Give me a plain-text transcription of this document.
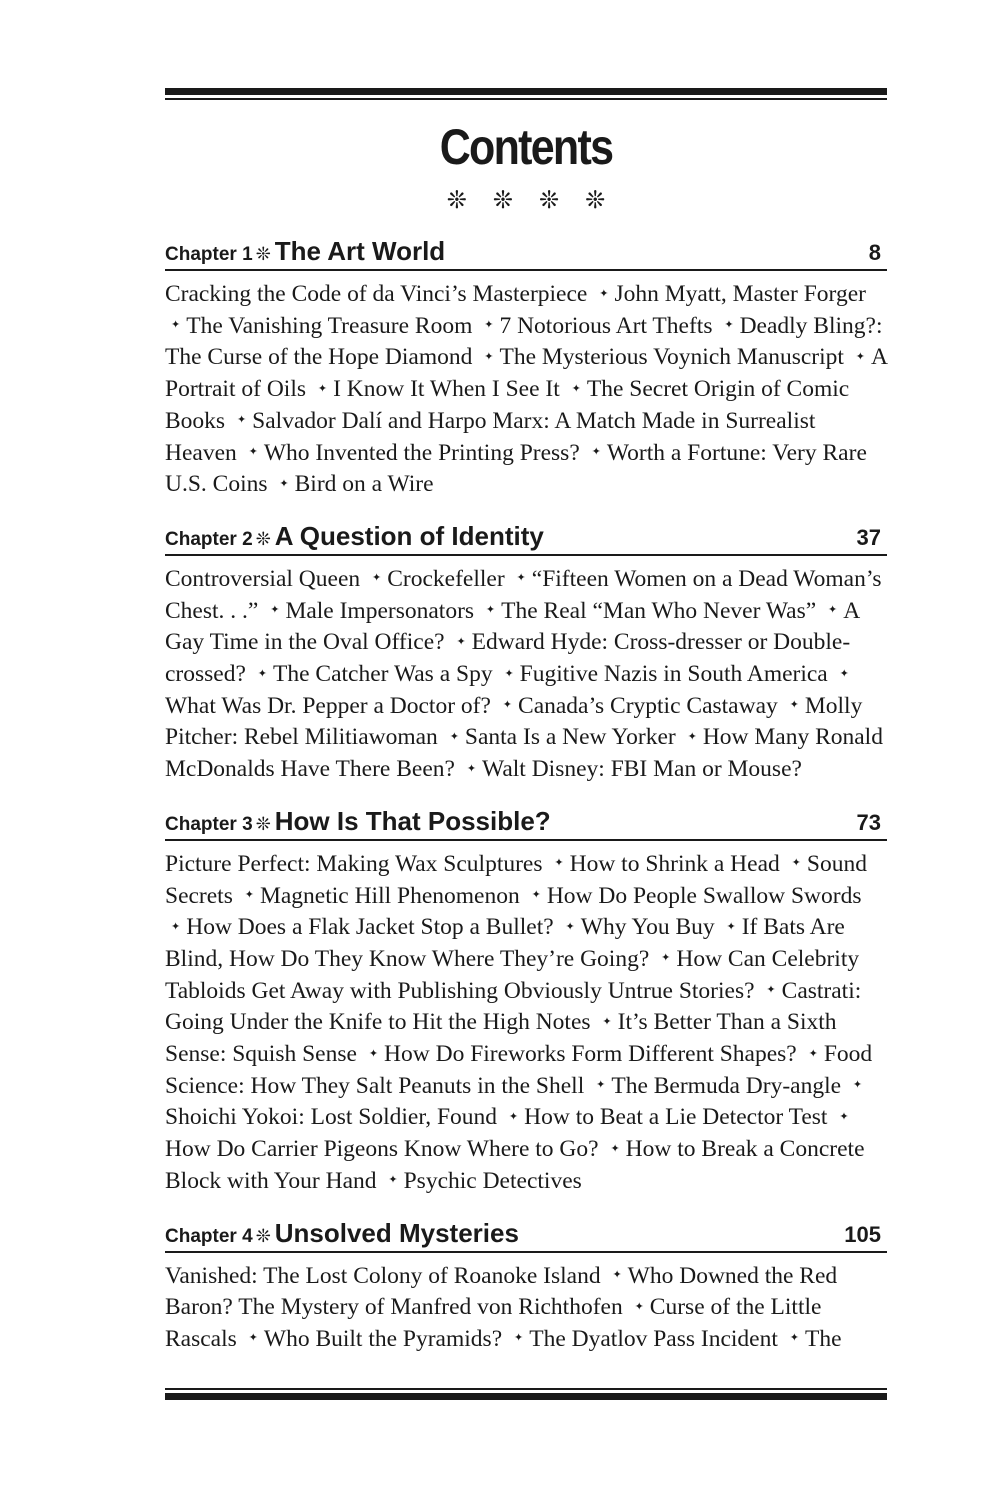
Contents
❊ ❊ ❊ ❊
Chapter 1 ❊ The Art World	8
Cracking the Code of da Vinci’s Masterpiece ✦ John Myatt, Master Forger ✦ The Vanishing Treasure Room ✦ 7 Notorious Art Thefts ✦ Deadly Bling?: The Curse of the Hope Diamond ✦ The Mysterious Voynich Manuscript ✦ A Portrait of Oils ✦ I Know It When I See It ✦ The Secret Origin of Comic Books ✦ Salvador Dalí and Harpo Marx: A Match Made in Surrealist Heaven ✦ Who Invented the Printing Press? ✦ Worth a Fortune: Very Rare U.S. Coins ✦ Bird on a Wire
Chapter 2 ❊ A Question of Identity	37
Controversial Queen ✦ Crockefeller ✦ “Fifteen Women on a Dead Woman’s Chest. . .” ✦ Male Impersonators ✦ The Real “Man Who Never Was” ✦ A Gay Time in the Oval Office? ✦ Edward Hyde: Cross-dresser or Double-crossed? ✦ The Catcher Was a Spy ✦ Fugitive Nazis in South America ✦What Was Dr. Pepper a Doctor of? ✦ Canada’s Cryptic Castaway ✦ Molly Pitcher: Rebel Militiawoman ✦ Santa Is a New Yorker ✦ How Many Ronald McDonalds Have There Been? ✦ Walt Disney: FBI Man or Mouse?
Chapter 3 ❊ How Is That Possible?	73
Picture Perfect: Making Wax Sculptures ✦ How to Shrink a Head ✦ Sound Secrets ✦ Magnetic Hill Phenomenon ✦ How Do People Swallow Swords ✦ How Does a Flak Jacket Stop a Bullet? ✦ Why You Buy ✦ If Bats Are Blind, How Do They Know Where They’re Going? ✦ How Can Celebrity Tabloids Get Away with Publishing Obviously Untrue Stories? ✦ Castrati: Going Under the Knife to Hit the High Notes ✦ It’s Better Than a Sixth Sense: Squish Sense ✦ How Do Fireworks Form Different Shapes? ✦ Food Science: How They Salt Peanuts in the Shell ✦ The Bermuda Dry-angle ✦Shoichi Yokoi: Lost Soldier, Found ✦ How to Beat a Lie Detector Test ✦How Do Carrier Pigeons Know Where to Go? ✦ How to Break a Concrete Block with Your Hand ✦ Psychic Detectives
Chapter 4 ❊ Unsolved Mysteries	105
Vanished: The Lost Colony of Roanoke Island ✦ Who Downed the Red Baron? The Mystery of Manfred von Richthofen ✦ Curse of the Little Rascals ✦ Who Built the Pyramids? ✦ The Dyatlov Pass Incident ✦ The
